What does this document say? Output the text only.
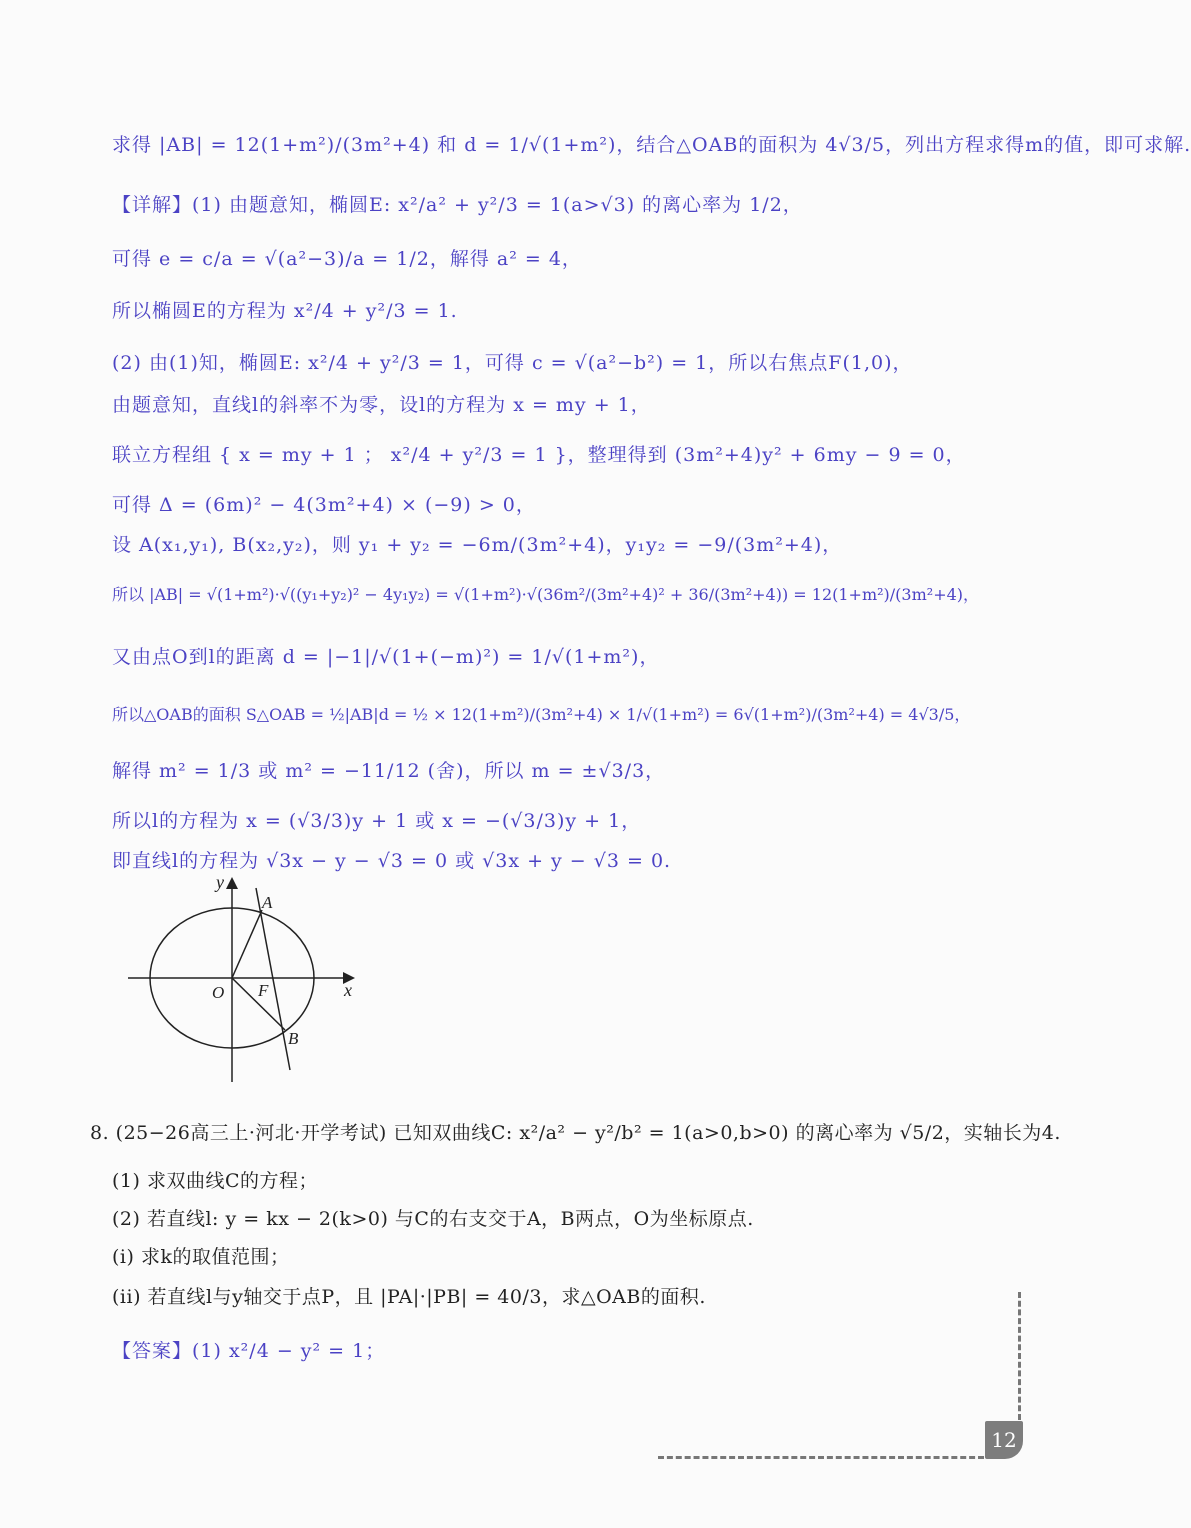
求得 |AB| = 12(1+m²)/(3m²+4) 和 d = 1/√(1+m²)，结合△OAB的面积为 4√3/5，列出方程求得m的值，即可求解.
【详解】(1) 由题意知，椭圆E: x²/a² + y²/3 = 1(a>√3) 的离心率为 1/2，
可得 e = c/a = √(a²−3)/a = 1/2，解得 a² = 4，
所以椭圆E的方程为 x²/4 + y²/3 = 1.
(2) 由(1)知，椭圆E: x²/4 + y²/3 = 1，可得 c = √(a²−b²) = 1，所以右焦点F(1,0)，
由题意知，直线l的斜率不为零，设l的方程为 x = my + 1，
联立方程组 { x = my + 1 ； x²/4 + y²/3 = 1 }，整理得到 (3m²+4)y² + 6my − 9 = 0，
可得 Δ = (6m)² − 4(3m²+4) × (−9) > 0，
设 A(x₁,y₁), B(x₂,y₂)，则 y₁ + y₂ = −6m/(3m²+4)，y₁y₂ = −9/(3m²+4)，
所以 |AB| = √(1+m²)·√((y₁+y₂)² − 4y₁y₂) = √(1+m²)·√(36m²/(3m²+4)² + 36/(3m²+4)) = 12(1+m²)/(3m²+4)，
又由点O到l的距离 d = |−1|/√(1+(−m)²) = 1/√(1+m²)，
所以△OAB的面积 S△OAB = ½|AB|d = ½ × 12(1+m²)/(3m²+4) × 1/√(1+m²) = 6√(1+m²)/(3m²+4) = 4√3/5，
解得 m² = 1/3 或 m² = −11/12 (舍)，所以 m = ±√3/3，
所以l的方程为 x = (√3/3)y + 1 或 x = −(√3/3)y + 1，
即直线l的方程为 √3x − y − √3 = 0 或 √3x + y − √3 = 0.
y
x
A
B
O F
8. (25−26高三上·河北·开学考试) 已知双曲线C: x²/a² − y²/b² = 1(a>0,b>0) 的离心率为 √5/2，实轴长为4.
(1) 求双曲线C的方程；
(2) 若直线l: y = kx − 2(k>0) 与C的右支交于A，B两点，O为坐标原点.
(i) 求k的取值范围；
(ii) 若直线l与y轴交于点P，且 |PA|·|PB| = 40/3，求△OAB的面积.
【答案】(1) x²/4 − y² = 1；
12
